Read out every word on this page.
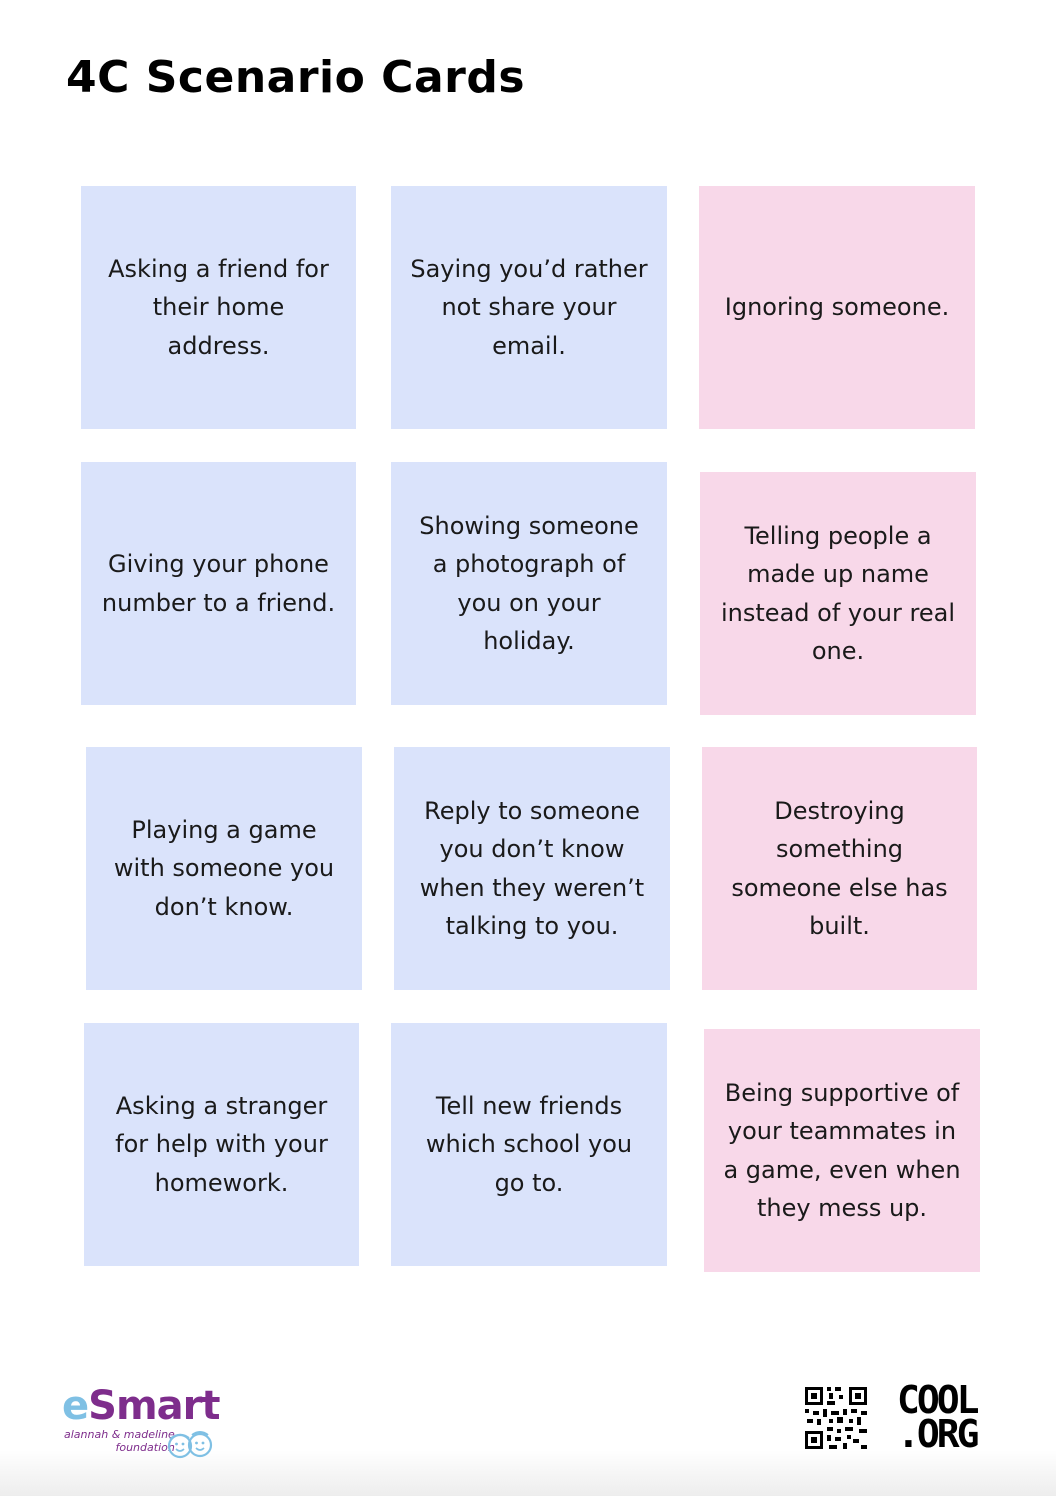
4C Scenario Cards
Asking a friend for their home address.
Saying you’d rather not share your email.
Ignoring someone.
Giving your phone number to a friend.
Showing someone a photograph of you on your holiday.
Telling people a made up name instead of your real one.
Playing a game with someone you don’t know.
Reply to someone you don’t know when they weren’t talking to you.
Destroying something someone else has built.
Asking a stranger for help with your homework.
Tell new friends which school you go to.
Being supportive of your teammates in a game, even when they mess up.
eSmart
alannah & madeline
foundation
COOL
.ORG
